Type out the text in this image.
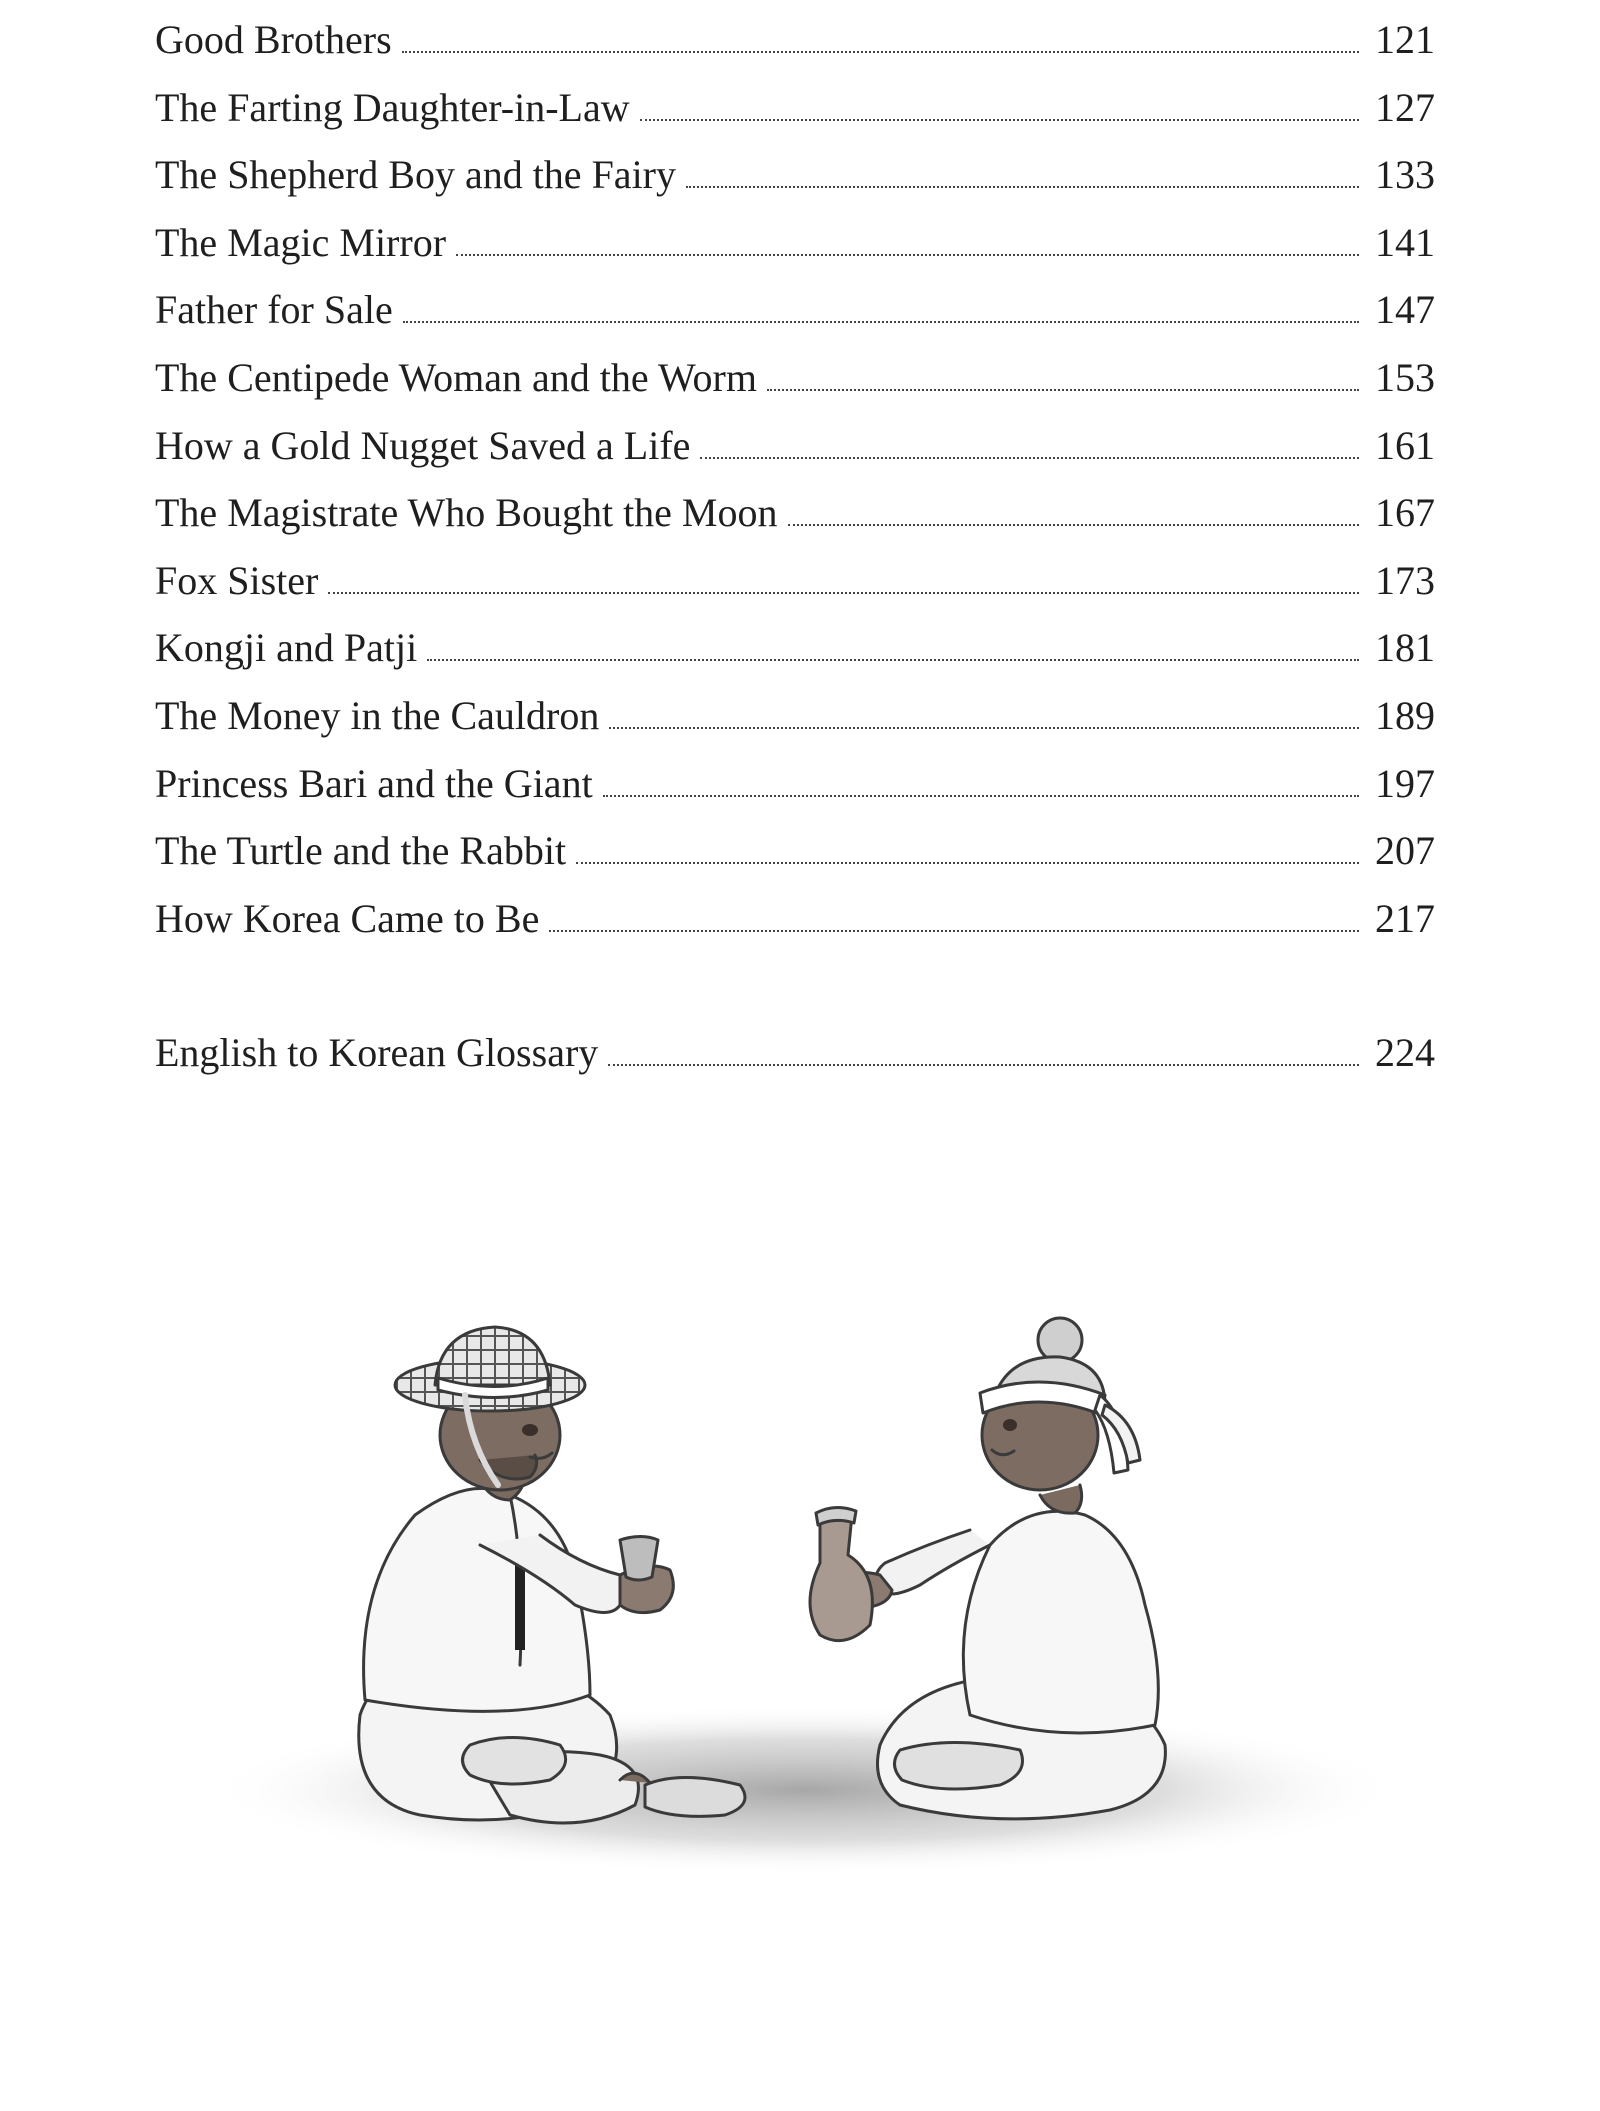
Good Brothers	121
The Farting Daughter-in-Law	127
The Shepherd Boy and the Fairy	133
The Magic Mirror	141
Father for Sale	147
The Centipede Woman and the Worm	153
How a Gold Nugget Saved a Life	161
The Magistrate Who Bought the Moon	167
Fox Sister	173
Kongji and Patji	181
The Money in the Cauldron	189
Princess Bari and the Giant	197
The Turtle and the Rabbit	207
How Korea Came to Be	217
English to Korean Glossary	224
